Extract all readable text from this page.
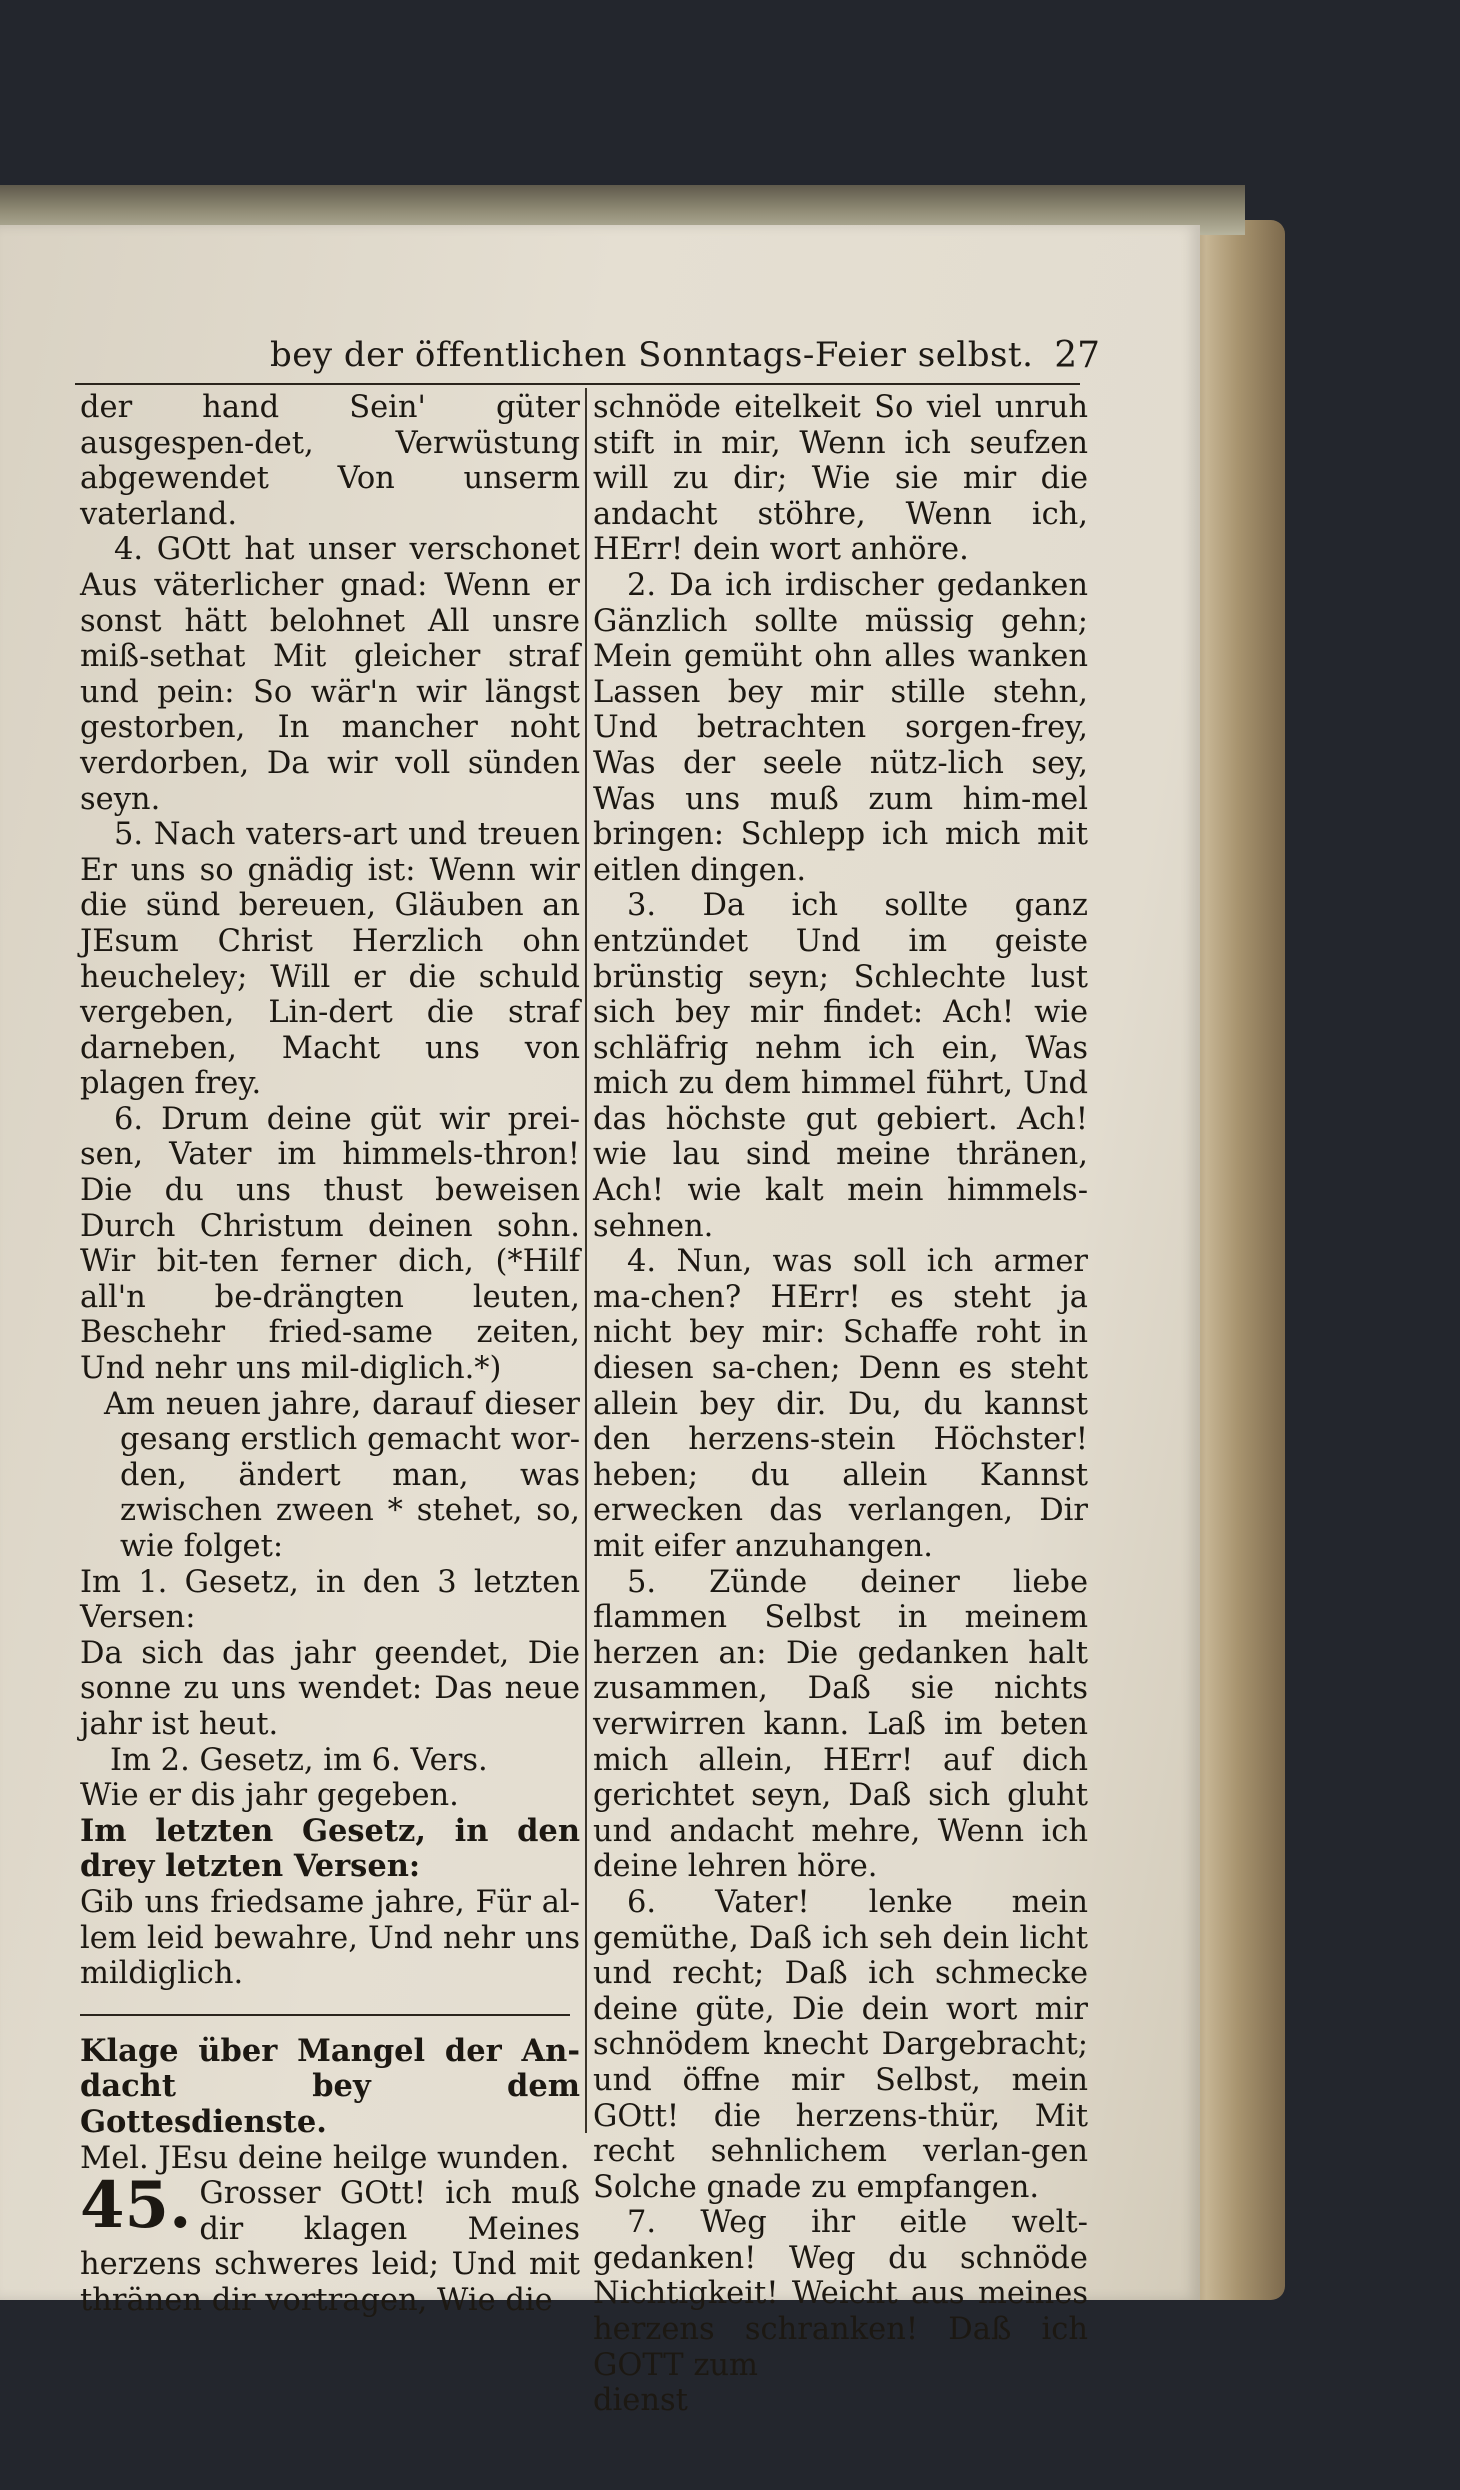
bey der öffentlichen Sonntags-Feier selbst. 27

der hand Sein' güter ausgespen-det, Verwüstung abgewendet Von unserm vaterland.

4. GOtt hat unser verschonet Aus väterlicher gnad: Wenn er sonst hätt belohnet All unsre miß-sethat Mit gleicher straf und pein: So wär'n wir längst gestorben, In mancher noht verdorben, Da wir voll sünden seyn.

5. Nach vaters-art und treuen Er uns so gnädig ist: Wenn wir die sünd bereuen, Gläuben an JEsum Christ Herzlich ohn heucheley; Will er die schuld vergeben, Lin-dert die straf darneben, Macht uns von plagen frey.

6. Drum deine güt wir prei-sen, Vater im himmels-thron! Die du uns thust beweisen Durch Christum deinen sohn. Wir bit-ten ferner dich, (*Hilf all'n be-drängten leuten, Beschehr fried-same zeiten, Und nehr uns mil-diglich.*)

Am neuen jahre, darauf dieser gesang erstlich gemacht wor-den, ändert man, was zwischen zween * stehet, so, wie folget:

Im 1. Gesetz, in den 3 letzten Versen:

Da sich das jahr geendet, Die sonne zu uns wendet: Das neue jahr ist heut.

Im 2. Gesetz, im 6. Vers.

Wie er dis jahr gegeben.

Im letzten Gesetz, in den drey letzten Versen:

Gib uns friedsame jahre, Für al-lem leid bewahre, Und nehr uns mildiglich.

Klage über Mangel der An-dacht bey dem Gottesdienste.

Mel. JEsu deine heilge wunden.

45. Grosser GOtt! ich muß dir klagen Meines herzens schweres leid; Und mit thränen dir vortragen, Wie die

schnöde eitelkeit So viel unruh stift in mir, Wenn ich seufzen will zu dir; Wie sie mir die andacht stöhre, Wenn ich, HErr! dein wort anhöre.

2. Da ich irdischer gedanken Gänzlich sollte müssig gehn; Mein gemüht ohn alles wanken Lassen bey mir stille stehn, Und betrachten sorgen-frey, Was der seele nütz-lich sey, Was uns muß zum him-mel bringen: Schlepp ich mich mit eitlen dingen.

3. Da ich sollte ganz entzündet Und im geiste brünstig seyn; Schlechte lust sich bey mir findet: Ach! wie schläfrig nehm ich ein, Was mich zu dem himmel führt, Und das höchste gut gebiert. Ach! wie lau sind meine thränen, Ach! wie kalt mein himmels-sehnen.

4. Nun, was soll ich armer ma-chen? HErr! es steht ja nicht bey mir: Schaffe roht in diesen sa-chen; Denn es steht allein bey dir. Du, du kannst den herzens-stein Höchster! heben; du allein Kannst erwecken das verlangen, Dir mit eifer anzuhangen.

5. Zünde deiner liebe flammen Selbst in meinem herzen an: Die gedanken halt zusammen, Daß sie nichts verwirren kann. Laß im beten mich allein, HErr! auf dich gerichtet seyn, Daß sich gluht und andacht mehre, Wenn ich deine lehren höre.

6. Vater! lenke mein gemüthe, Daß ich seh dein licht und recht; Daß ich schmecke deine güte, Die dein wort mir schnödem knecht Dargebracht; und öffne mir Selbst, mein GOtt! die herzens-thür, Mit recht sehnlichem verlan-gen Solche gnade zu empfangen.

7. Weg ihr eitle welt-gedanken! Weg du schnöde Nichtigkeit! Weicht aus meines herzens schranken! Daß ich GOTT zum

dienst
